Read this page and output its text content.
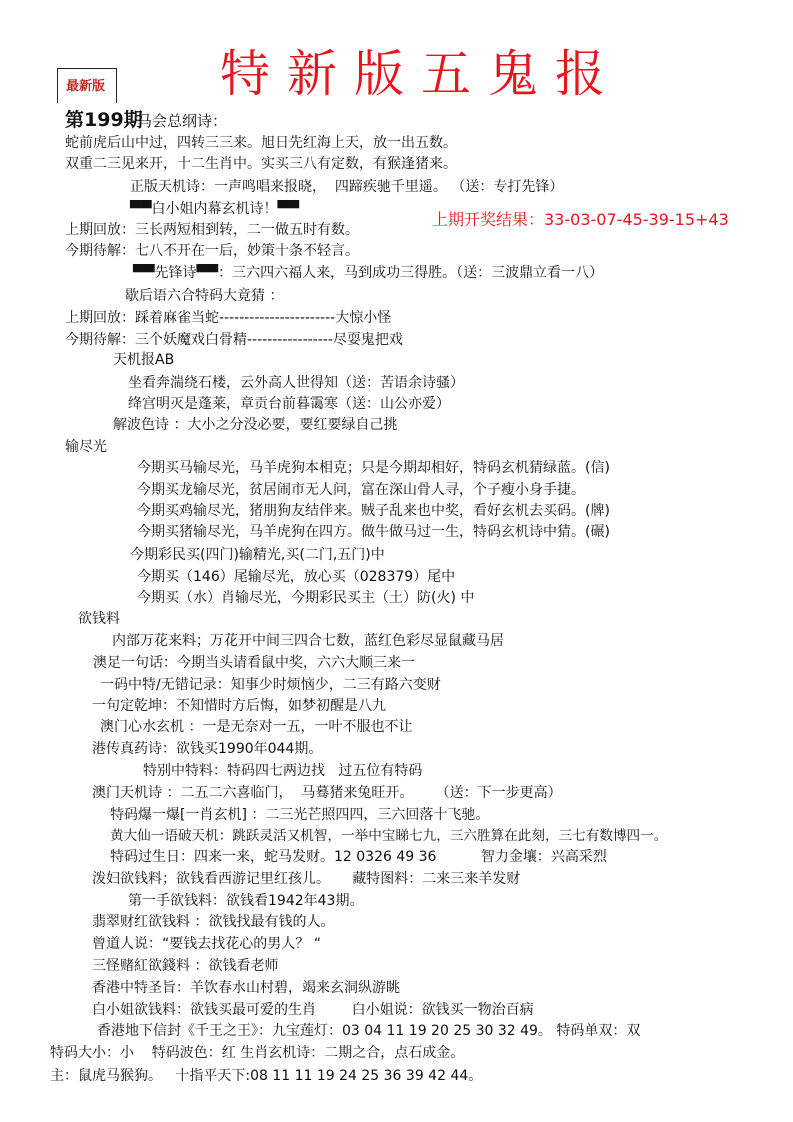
最新版 特新版五鬼报
第199期
上期开奖结果：33-03-07-45-39-15+43
马会总纲诗：
蛇前虎后山中过，四转三三来。旭日先红海上天，放一出五数。
双重二三见来开，十二生肖中。实买三八有定数，有猴逢猪来。
正版天机诗：一声鸣唱来报晓，  四蹄疾驰千里遥。 （送：专打先锋）
▀▀白小姐内幕玄机诗！▀▀
上期回放：三长两短相到转，二一做五时有数。
今期待解：七八不开在一后，妙策十条不轻言。
▀▀先锋诗▀▀：三六四六福人来，马到成功三得胜。（送：三波鼎立看一八）
歇后语六合特码大竟猜 ：
上期回放：踩着麻雀当蛇-----------------------大惊小怪
今期待解：三个妖魔戏白骨精-----------------尽耍鬼把戏
天机报AB
坐看奔湍绕石楼，云外高人世得知（送：苦语余诗骚）
绛宫明灭是蓬莱，章贡台前暮霭寒（送：山公亦爱）
解波色诗 ：大小之分没必要，要红要绿自己挑
输尽光
今期买马输尽光，马羊虎狗本相克；只是今期却相好，特码玄机猜绿蓝。(信)
今期买龙输尽光，贫居闹市无人问，富在深山骨人寻，个子瘦小身手捷。
今期买鸡输尽光，猪朋狗友结伴来。贼子乱来也中奖，看好玄机去买码。(牌)
今期买猪输尽光，马羊虎狗在四方。做牛做马过一生，特码玄机诗中猜。(碾)
今期彩民买(四门)输精光,买(二门,五门)中
今期买（146）尾输尽光，放心买（028379）尾中
今期买（水）肖输尽光，今期彩民买主（土）防(火) 中
欲钱料
内部万花来料；万花开中间三四合七数，蓝红色彩尽显鼠藏马居
澳足一句话：今期当头请看鼠中奖，六六大顺三来一
一码中特/无错记录：知事少时烦恼少，二三有路六变财
一句定乾坤：不知惜时方后悔，如梦初醒是八九
澳门心水玄机 ：一是无奈对一五，一叶不服也不让
港传真药诗：欲钱买1990年044期。
特别中特料：特码四七两边找   过五位有特码
澳门天机诗 ：二五二六喜临门，  马蓦猪来兔旺开。     （送：下一步更高）
特码爆一爆[一肖玄机] ：二三光芒照四四，三六回落十飞驰。
黄大仙一语破天机：跳跃灵活又机智，一举中宝睇七九，三六胜算在此刻，三七有数博四一。
特码过生日：四来一来，蛇马发财。12 0326 49 36          智力金壤：兴高采烈
泼妇欲钱料；欲钱看西游记里红孩儿。     藏特图料：二来三来羊发财
第一手欲钱料：欲钱看1942年43期。
翡翠财红欲钱料 ：欲钱找最有钱的人。
曾道人说：“要钱去找花心的男人？ “
三怪赌紅欲錢料 ：欲钱看老师
香港中特圣旨：羊饮春水山村碧，竭来玄洞纵游眺
白小姐欲钱料：欲钱买最可爱的生肖        白小姐说：欲钱买一物治百病
香港地下信封《千王之王》：九宝莲灯：03 04 11 19 20 25 30 32 49。 特码单双：双
特码大小：小    特码波色：红 生肖玄机诗：二期之合，点石成金。
主：鼠虎马猴狗。   十指平天下:08 11 11 19 24 25 36 39 42 44。
